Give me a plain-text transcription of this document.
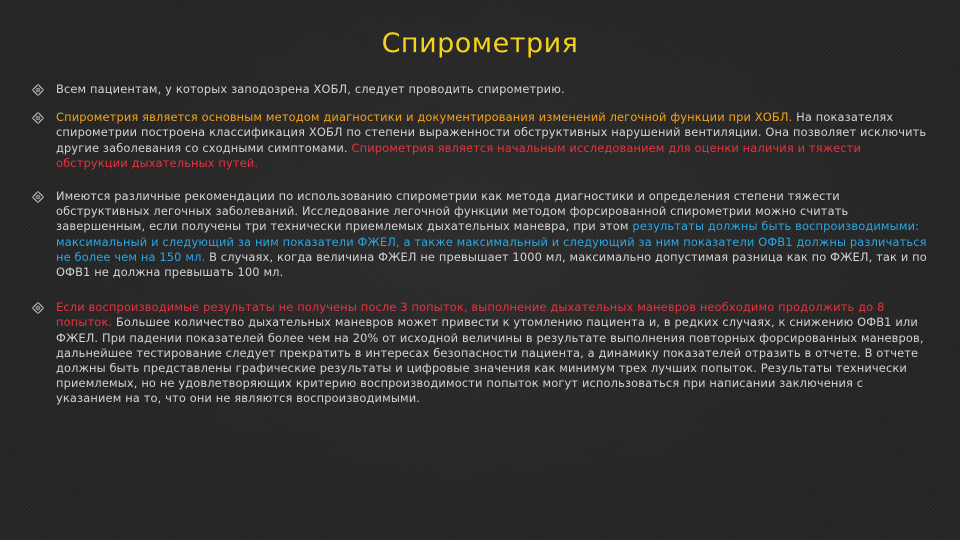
Спирометрия
Всем пациентам, у которых заподозрена ХОБЛ, следует проводить спирометрию.
Спирометрия является основным методом диагностики и документирования изменений легочной функции при ХОБЛ. На показателях спирометрии построена классификация ХОБЛ по степени выраженности обструктивных нарушений вентиляции. Она позволяет исключить другие заболевания со сходными симптомами. Спирометрия является начальным исследованием для оценки наличия и тяжести обструкции дыхательных путей.
Имеются различные рекомендации по использованию спирометрии как метода диагностики и определения степени тяжести обструктивных легочных заболеваний. Исследование легочной функции методом форсированной спирометрии можно считать завершенным, если получены три технически приемлемых дыхательных маневра, при этом результаты должны быть воспроизводимыми: максимальный и следующий за ним показатели ФЖЕЛ, а также максимальный и следующий за ним показатели ОФВ1 должны различаться не более чем на 150 мл. В случаях, когда величина ФЖЕЛ не превышает 1000 мл, максимально допустимая разница как по ФЖЕЛ, так и по ОФВ1 не должна превышать 100 мл.
Если воспроизводимые результаты не получены после 3 попыток, выполнение дыхательных маневров необходимо продолжить до 8 попыток. Большее количество дыхательных маневров может привести к утомлению пациента и, в редких случаях, к снижению ОФВ1 или ФЖЕЛ. При падении показателей более чем на 20% от исходной величины в результате выполнения повторных форсированных маневров, дальнейшее тестирование следует прекратить в интересах безопасности пациента, а динамику показателей отразить в отчете. В отчете должны быть представлены графические результаты и цифровые значения как минимум трех лучших попыток. Результаты технически приемлемых, но не удовлетворяющих критерию воспроизводимости попыток могут использоваться при написании заключения с указанием на то, что они не являются воспроизводимыми.
